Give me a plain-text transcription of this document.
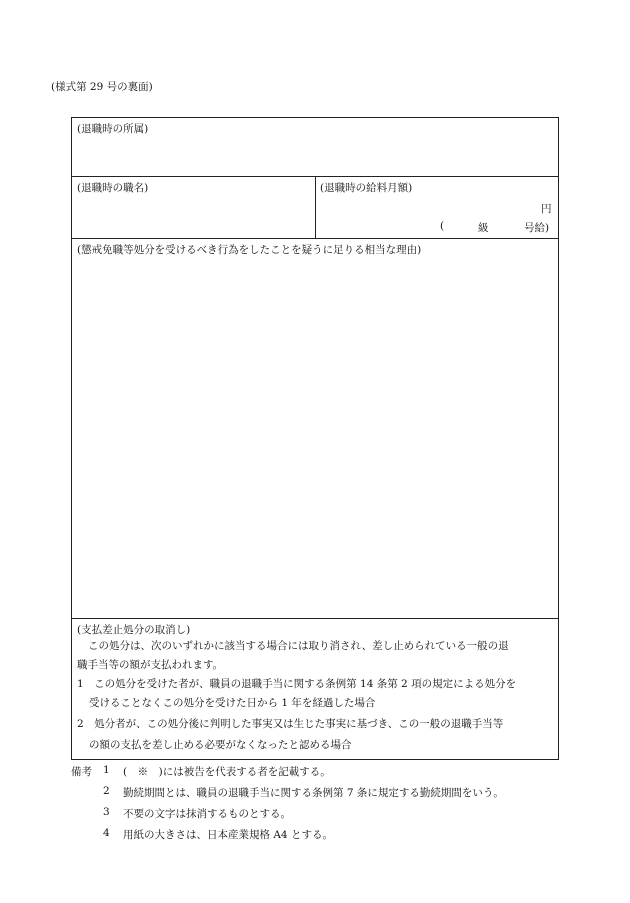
(様式第 29 号の裏面)
(退職時の所属)
(退職時の職名)	(退職時の給料月額)
円
(	級	号給)
(懲戒免職等処分を受けるべき行為をしたことを疑うに足りる相当な理由)
(支払差止処分の取消し)
この処分は、次のいずれかに該当する場合には取り消され、差し止められている一般の退
職手当等の額が支払われます。
1　この処分を受けた者が、職員の退職手当に関する条例第 14 条第 2 項の規定による処分を
受けることなくこの処分を受けた日から 1 年を経過した場合
2　処分者が、この処分後に判明した事実又は生じた事実に基づき、この一般の退職手当等
の額の支払を差し止める必要がなくなったと認める場合
備考 1 (　※　)には被告を代表する者を記載する。
2 勤続期間とは、職員の退職手当に関する条例第 7 条に規定する勤続期間をいう。
3 不要の文字は抹消するものとする。
4 用紙の大きさは、日本産業規格 A4 とする。
